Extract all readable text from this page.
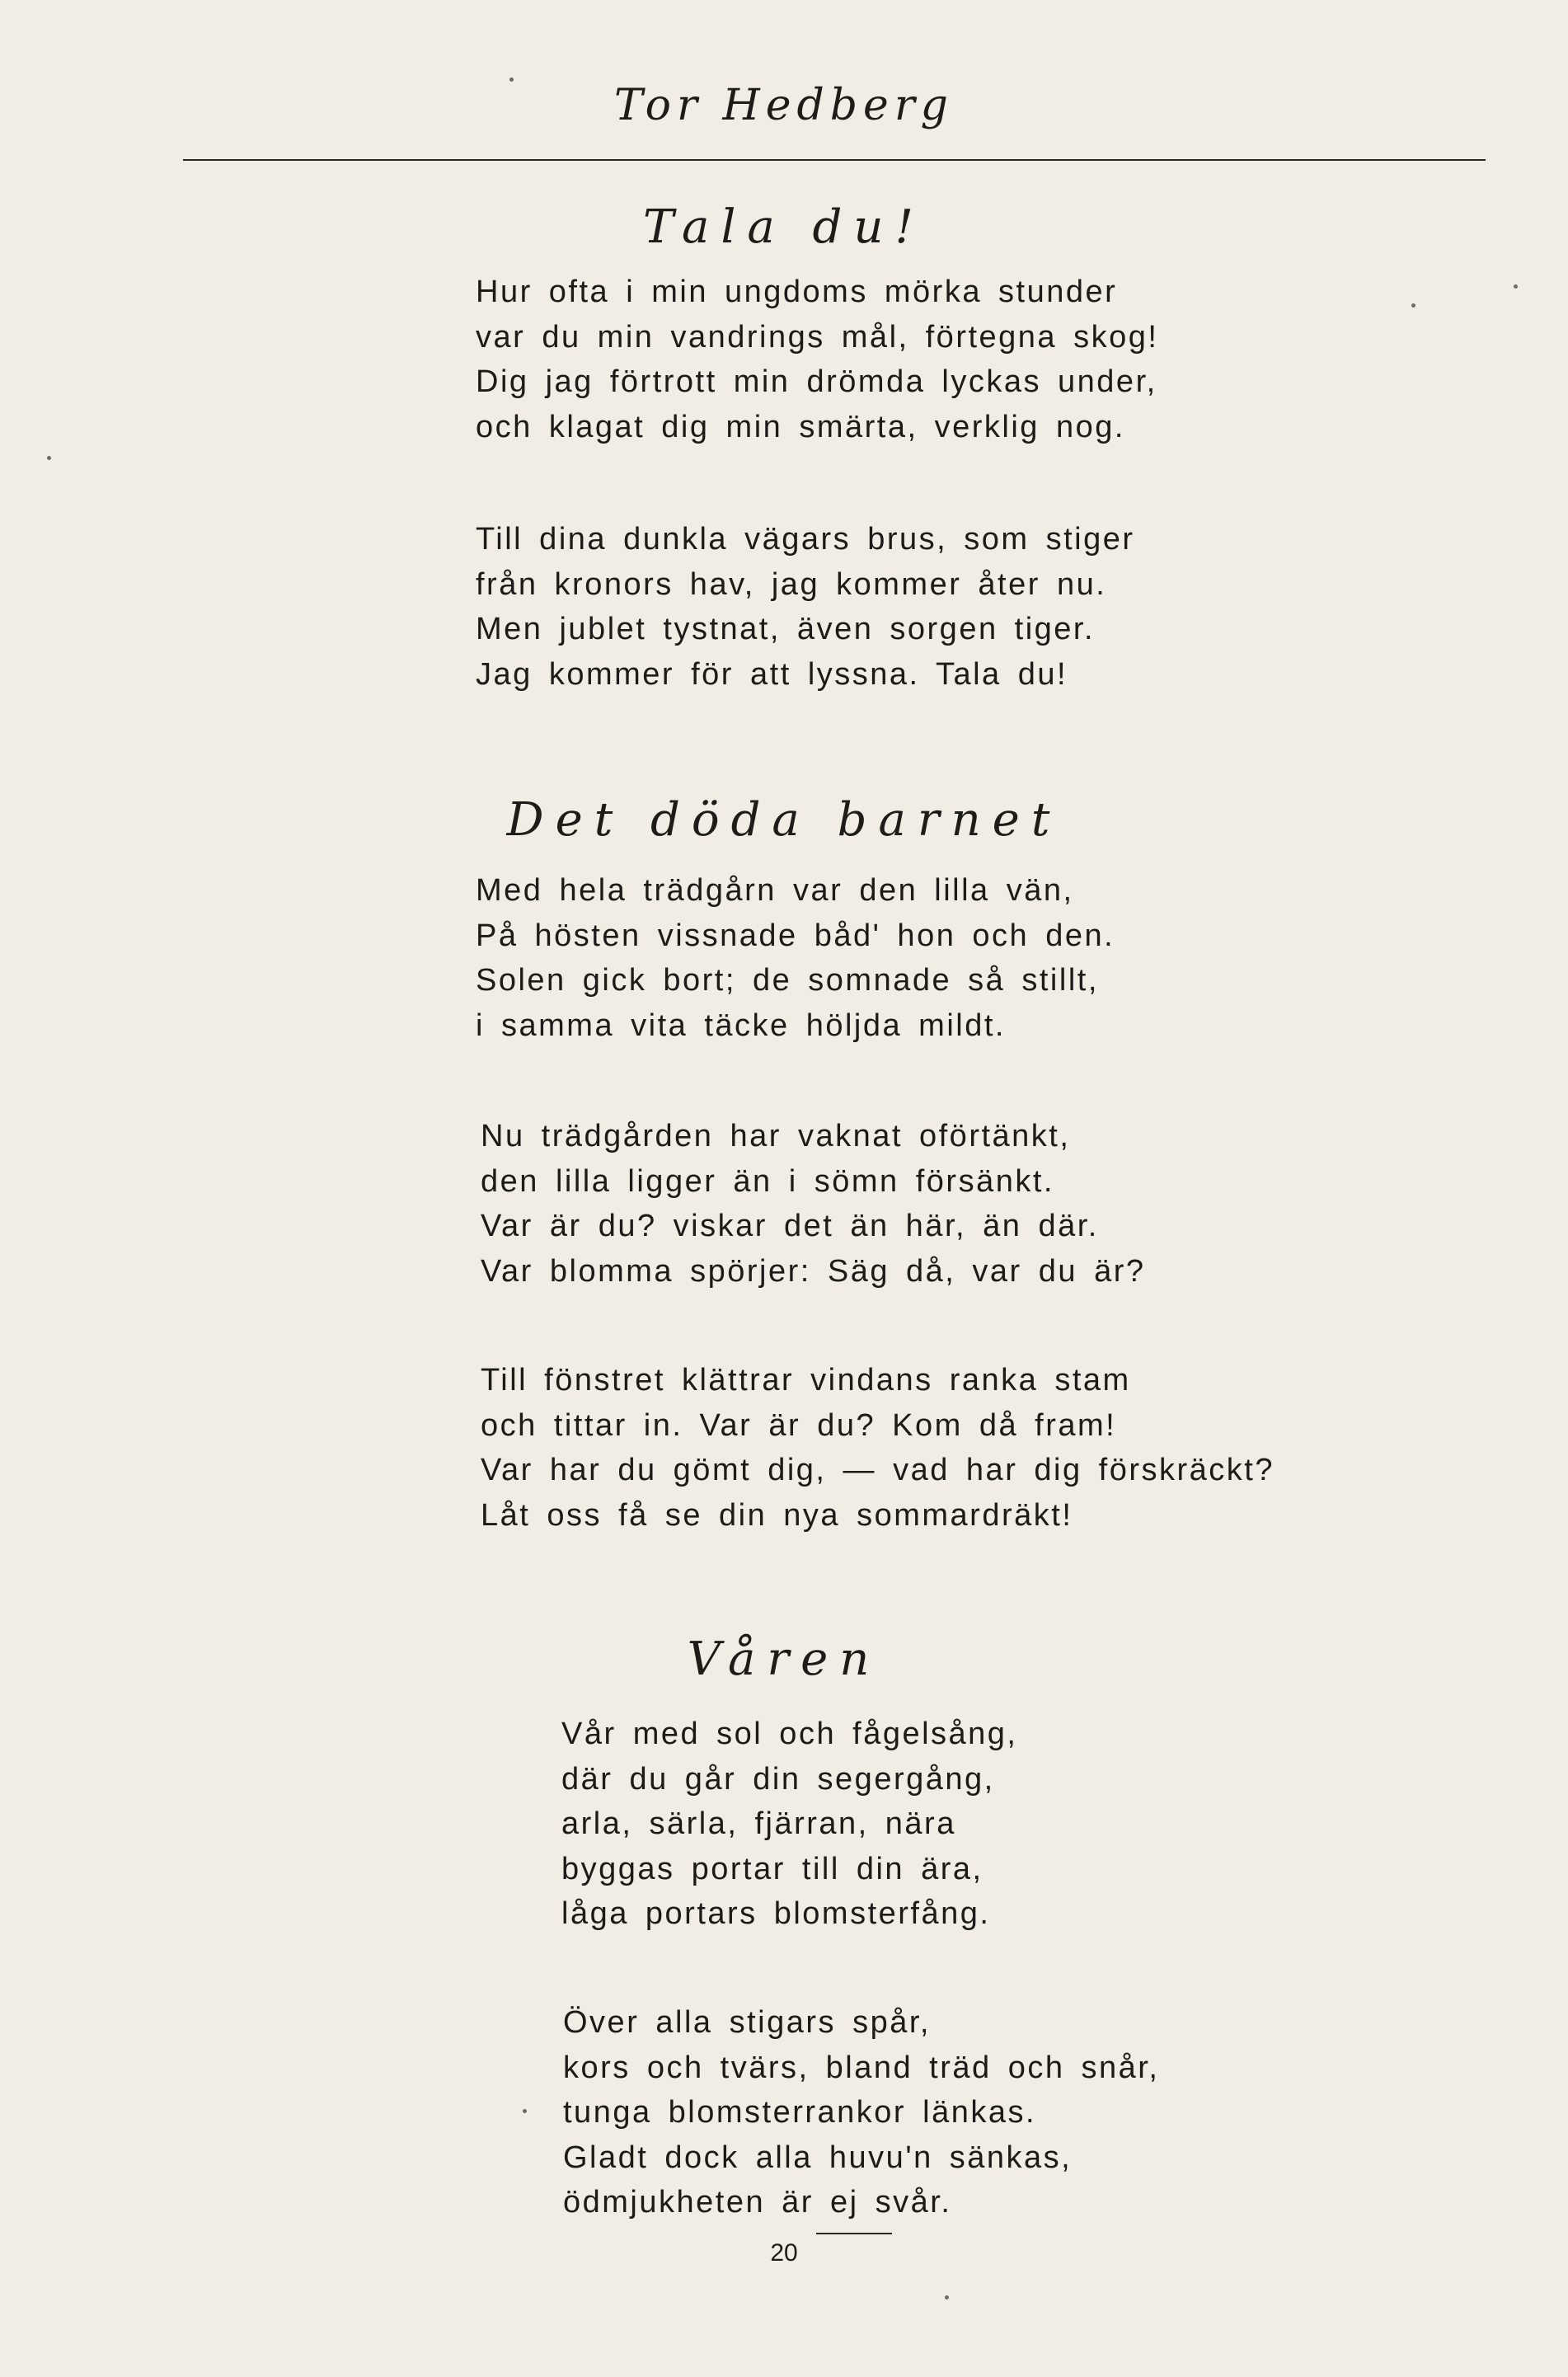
Tor Hedberg
Tala du!
Hur ofta i min ungdoms mörka stunder
var du min vandrings mål, förtegna skog!
Dig jag förtrott min drömda lyckas under,
och klagat dig min smärta, verklig nog.
Till dina dunkla vägars brus, som stiger
från kronors hav, jag kommer åter nu.
Men jublet tystnat, även sorgen tiger.
Jag kommer för att lyssna. Tala du!
Det döda barnet
Med hela trädgårn var den lilla vän,
På hösten vissnade båd' hon och den.
Solen gick bort; de somnade så stillt,
i samma vita täcke höljda mildt.
Nu trädgården har vaknat oförtänkt,
den lilla ligger än i sömn försänkt.
Var är du? viskar det än här, än där.
Var blomma spörjer: Säg då, var du är?
Till fönstret klättrar vindans ranka stam
och tittar in. Var är du? Kom då fram!
Var har du gömt dig, — vad har dig förskräckt?
Låt oss få se din nya sommardräkt!
Våren
Vår med sol och fågelsång,
där du går din segergång,
arla, särla, fjärran, nära
byggas portar till din ära,
låga portars blomsterfång.
Över alla stigars spår,
kors och tvärs, bland träd och snår,
tunga blomsterrankor länkas.
Gladt dock alla huvu'n sänkas,
ödmjukheten är ej svår.
20
